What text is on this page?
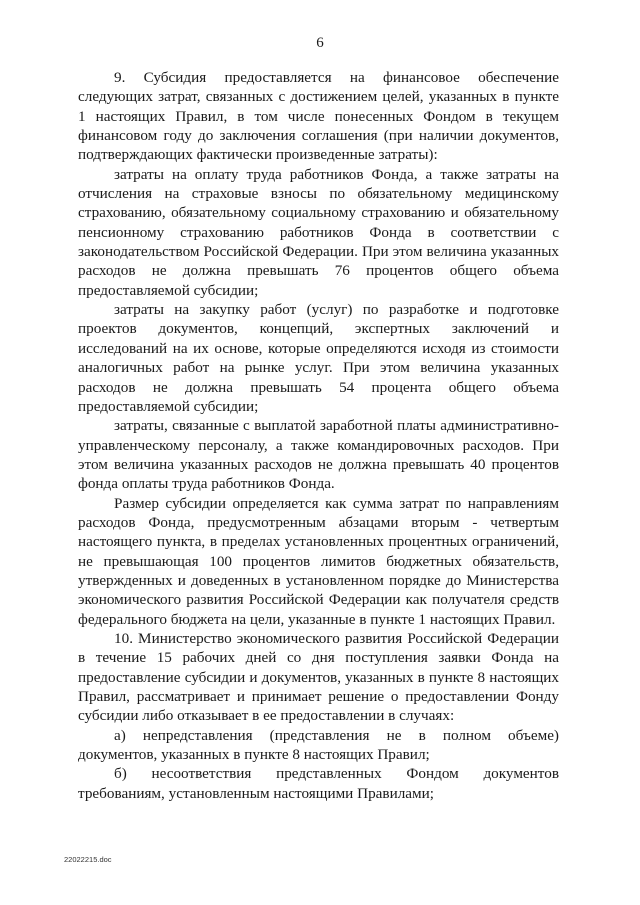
6

9. Субсидия предоставляется на финансовое обеспечение следующих затрат, связанных с достижением целей, указанных в пункте 1 настоящих Правил, в том числе понесенных Фондом в текущем финансовом году до заключения соглашения (при наличии документов, подтверждающих фактически произведенные затраты):

затраты на оплату труда работников Фонда, а также затраты на отчисления на страховые взносы по обязательному медицинскому страхованию, обязательному социальному страхованию и обязательному пенсионному страхованию работников Фонда в соответствии с законодательством Российской Федерации. При этом величина указанных расходов не должна превышать 76 процентов общего объема предоставляемой субсидии;

затраты на закупку работ (услуг) по разработке и подготовке проектов документов, концепций, экспертных заключений и исследований на их основе, которые определяются исходя из стоимости аналогичных работ на рынке услуг. При этом величина указанных расходов не должна превышать 54 процента общего объема предоставляемой субсидии;

затраты, связанные с выплатой заработной платы административно-управленческому персоналу, а также командировочных расходов. При этом величина указанных расходов не должна превышать 40 процентов фонда оплаты труда работников Фонда.

Размер субсидии определяется как сумма затрат по направлениям расходов Фонда, предусмотренным абзацами вторым - четвертым настоящего пункта, в пределах установленных процентных ограничений, не превышающая 100 процентов лимитов бюджетных обязательств, утвержденных и доведенных в установленном порядке до Министерства экономического развития Российской Федерации как получателя средств федерального бюджета на цели, указанные в пункте 1 настоящих Правил.

10. Министерство экономического развития Российской Федерации в течение 15 рабочих дней со дня поступления заявки Фонда на предоставление субсидии и документов, указанных в пункте 8 настоящих Правил, рассматривает и принимает решение о предоставлении Фонду субсидии либо отказывает в ее предоставлении в случаях:

а) непредставления (представления не в полном объеме) документов, указанных в пункте 8 настоящих Правил;

б) несоответствия представленных Фондом документов требованиям, установленным настоящими Правилами;

22022215.doc
